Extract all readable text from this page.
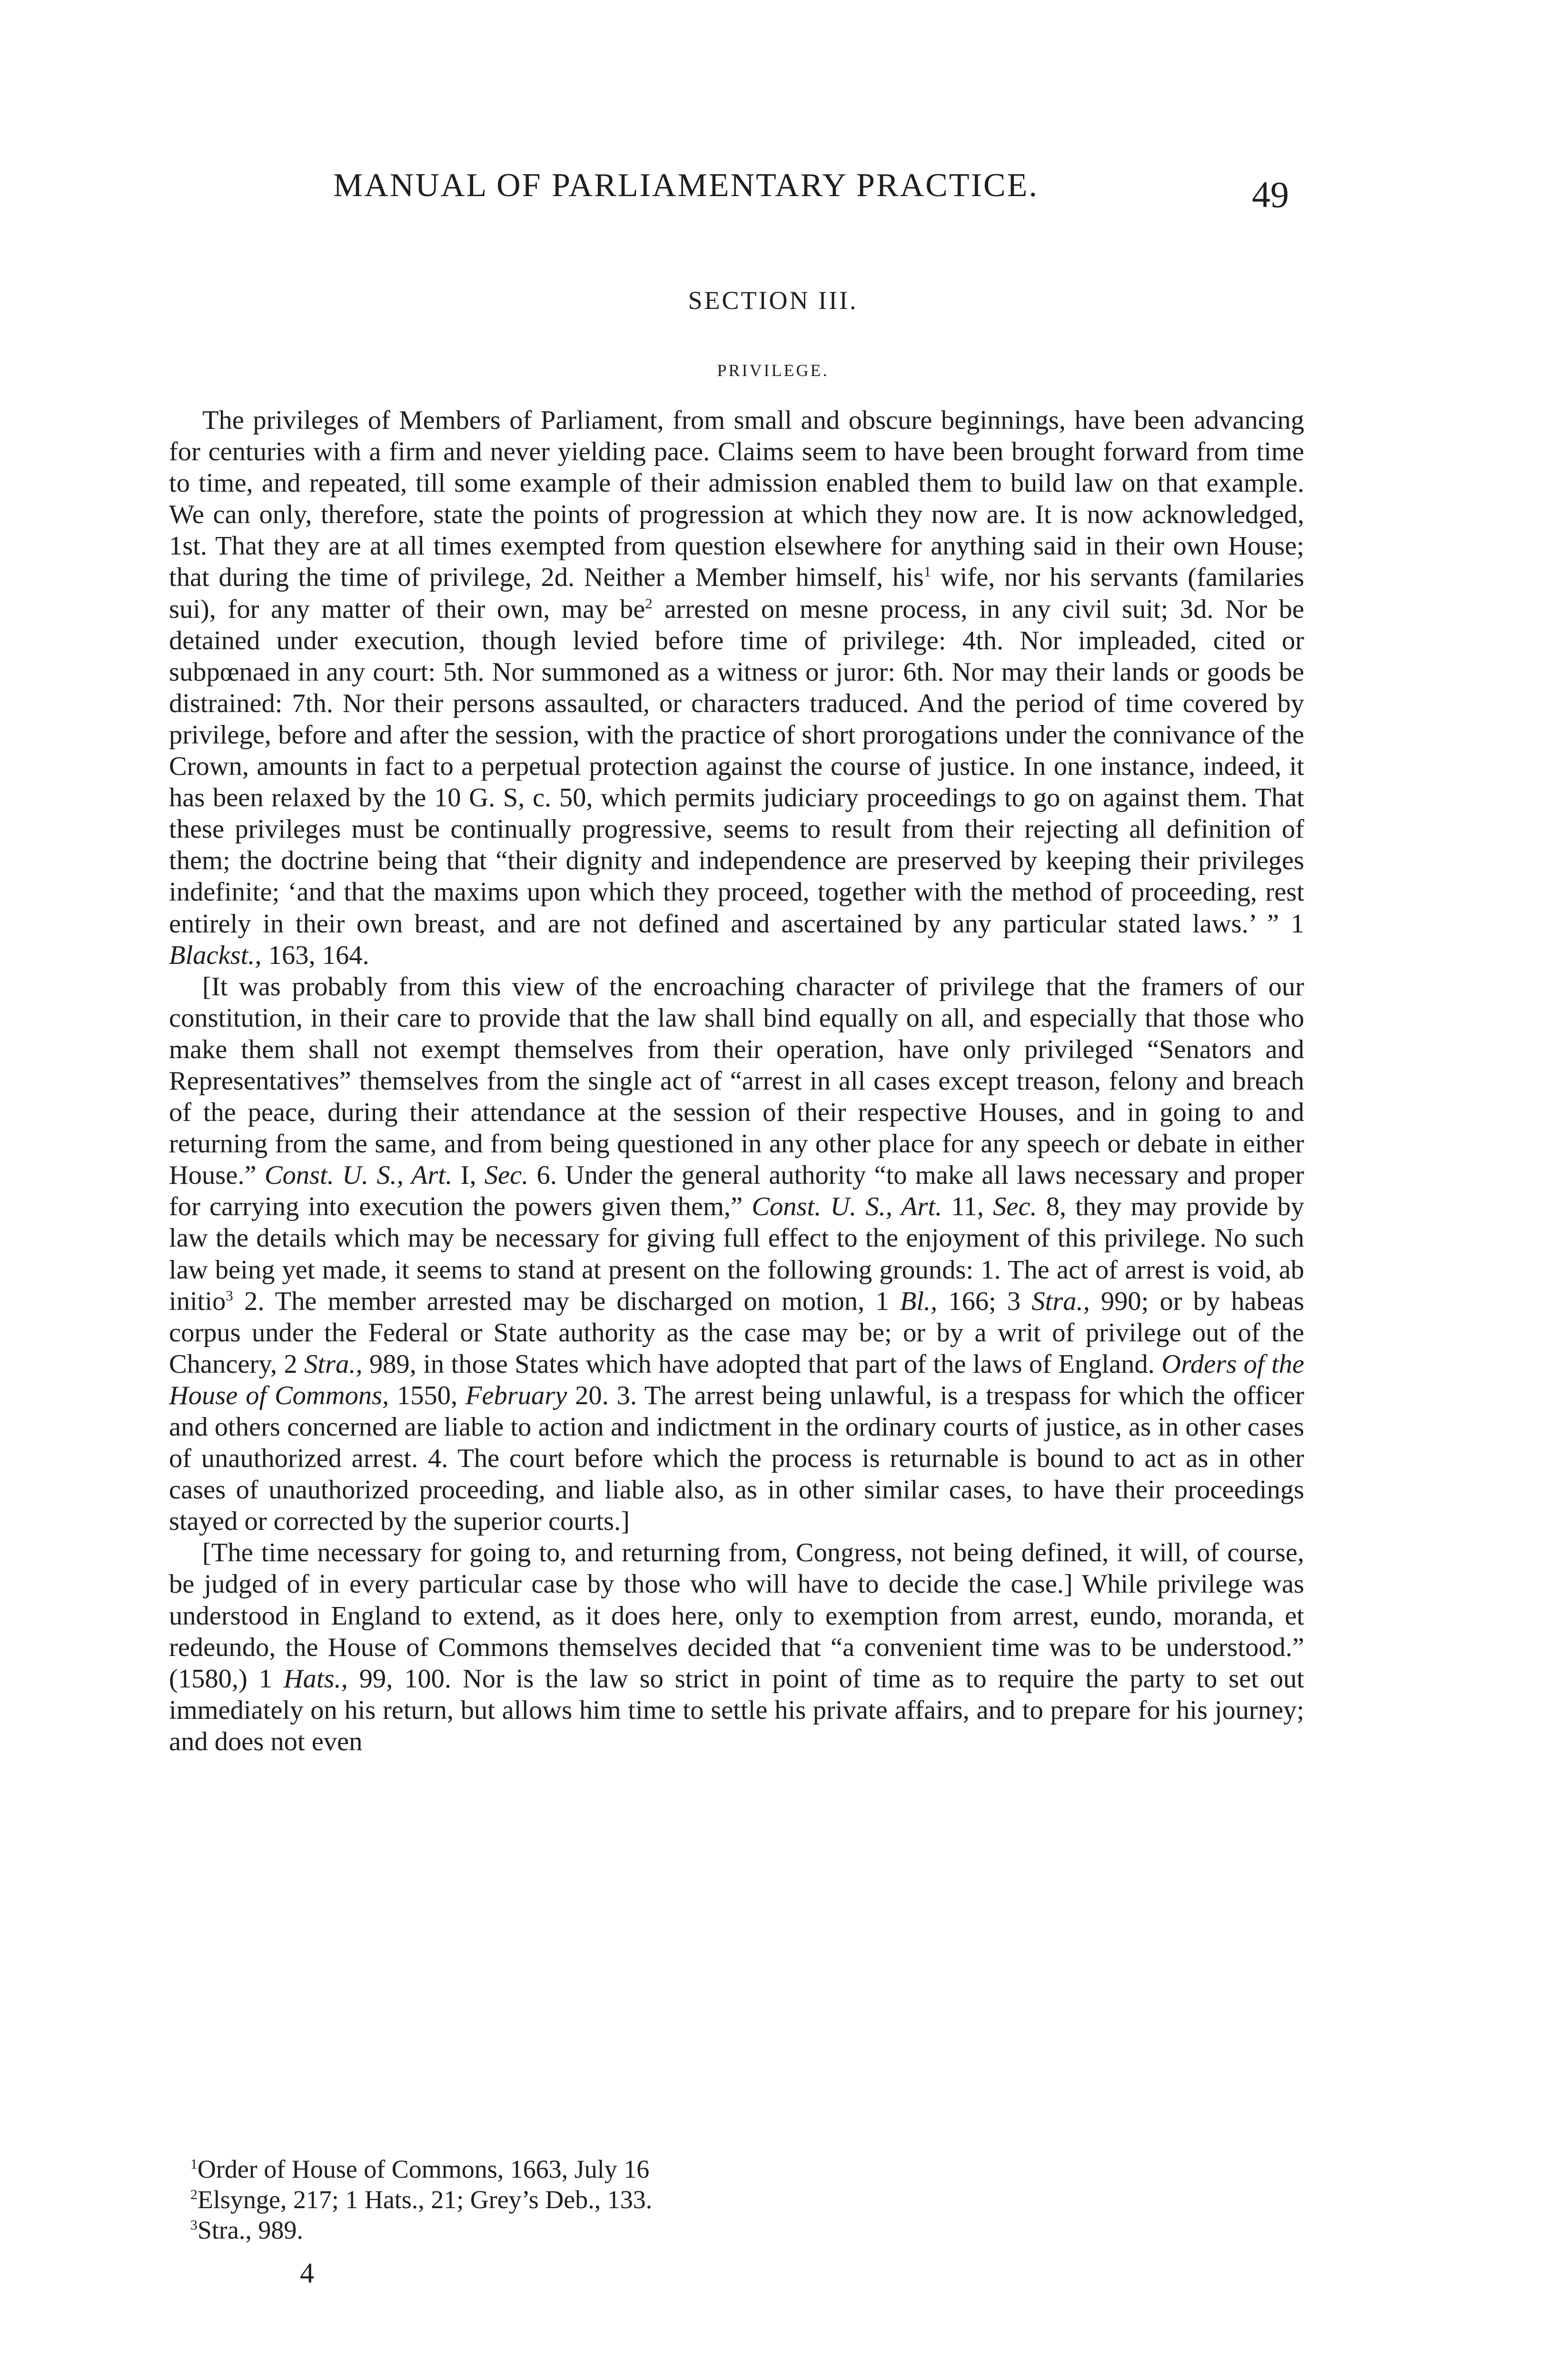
MANUAL OF PARLIAMENTARY PRACTICE.	49
SECTION III.
PRIVILEGE.

The privileges of Members of Parliament, from small and obscure beginnings, have been advancing for centuries with a firm and never yielding pace. Claims seem to have been brought forward from time to time, and repeated, till some example of their admission enabled them to build law on that example. We can only, therefore, state the points of progression at which they now are. It is now acknowledged, 1st. That they are at all times exempted from question elsewhere for anything said in their own House; that during the time of privilege, 2d. Neither a Member himself, his$^1$ wife, nor his servants (familaries sui), for any matter of their own, may $be^2$ arrested on mesne process, in any civil suit; 3d. Nor be detained under execution, though levied before time of privilege: 4th. Nor impleaded, cited or subpœnaed in any court: 5th. Nor summoned as a witness or juror: 6th. Nor may their lands or goods be distrained: 7th. Nor their persons assaulted, or characters traduced. And the period of time covered by privilege, before and after the session, with the practice of short prorogations under the connivance of the Crown, amounts in fact to a perpetual protection against the course of justice. In one instance, indeed, it has been relaxed by the 10 G. S, c. 50, which permits judiciary proceedings to go on against them. That these privileges must be continually progressive, seems to result from their rejecting all definition of them; the doctrine being that “their dignity and independence are preserved by keeping their privileges indefinite; ‘and that the maxims upon which they proceed, together with the method of proceeding, rest entirely in their own breast, and are not defined and ascertained by any particular stated laws.’ ” 1 Blackst., 163, 164.

[It was probably from this view of the encroaching character of privilege that the framers of our constitution, in their care to provide that the law shall bind equally on all, and especially that those who make them shall not exempt themselves from their operation, have only privileged “Senators and Representatives” themselves from the single act of “arrest in all cases except treason, felony and breach of the peace, during their attendance at the session of their respective Houses, and in going to and returning from the same, and from being questioned in any other place for any speech or debate in either House.” Const. U. S., Art. I, Sec. 6. Under the general authority “to make all laws necessary and proper for carrying into execution the powers given them,” Const. U. S., Art. 11, Sec. 8, they may provide by law the details which may be necessary for giving full effect to the enjoyment of this privilege. No such law being yet made, it seems to stand at present on the following grounds: 1. The act of arrest is void, ab initio$^3$ 2. The member arrested may be discharged on motion, 1 Bl., 166; 3 Stra., 990; or by habeas corpus under the Federal or State authority as the case may be; or by a writ of privilege out of the Chancery, 2 Stra., 989, in those States which have adopted that part of the laws of England. Orders of the House of Commons, 1550, February 20. 3. The arrest being unlawful, is a trespass for which the officer and others concerned are liable to action and indictment in the ordinary courts of justice, as in other cases of unauthorized arrest. 4. The court before which the process is returnable is bound to act as in other cases of unauthorized proceeding, and liable also, as in other similar cases, to have their proceedings stayed or corrected by the superior courts.]

[The time necessary for going to, and returning from, Congress, not being defined, it will, of course, be judged of in every particular case by those who will have to decide the case.] While privilege was understood in England to extend, as it does here, only to exemption from arrest, eundo, moranda, et redeundo, the House of Commons themselves decided that “a convenient time was to be understood.” (1580,) 1 Hats., 99, 100. Nor is the law so strict in point of time as to require the party to set out immediately on his return, but allows him time to settle his private affairs, and to prepare for his journey; and does not even

$^1$Order of House of Commons, 1663, July 16

$^2$Elsynge, 217; 1 Hats., 21; Grey’s Deb., 133.

$^3$Stra., 989.

4
